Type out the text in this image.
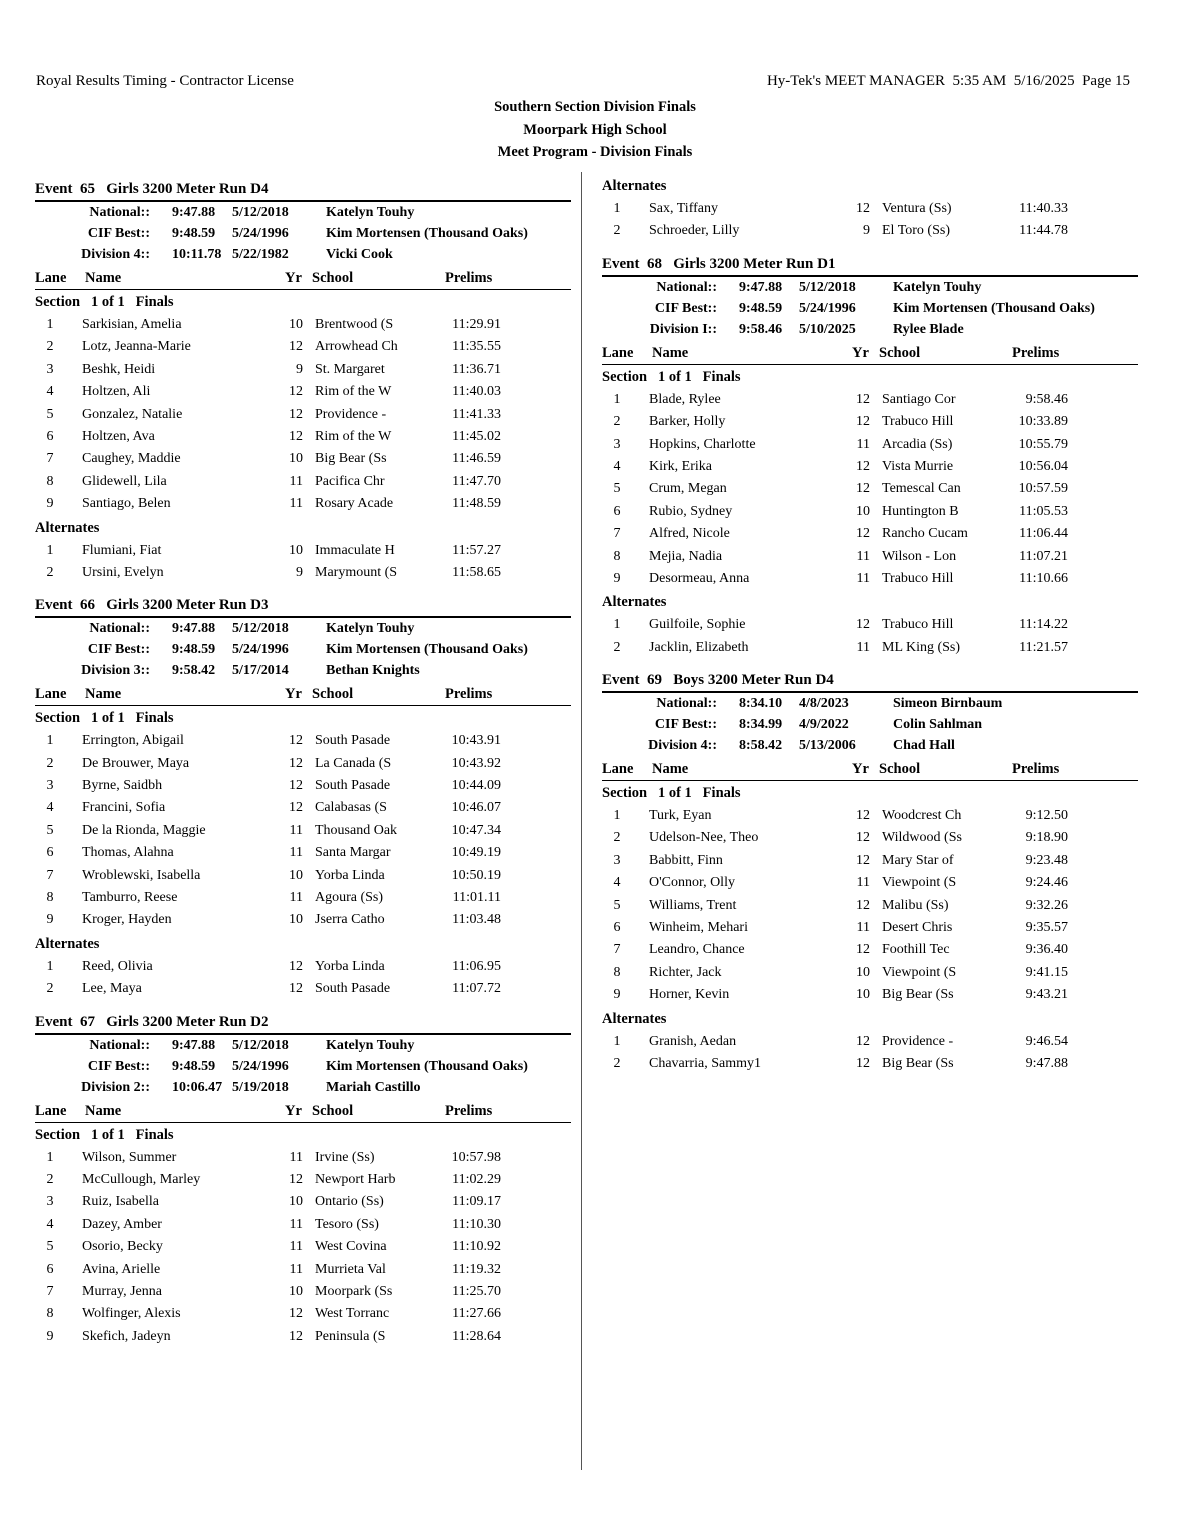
Royal Results Timing - Contractor License	Hy-Tek's MEET MANAGER  5:35 AM  5/16/2025  Page 15
Southern Section Division Finals
Moorpark High School
Meet Program - Division Finals
Event  65   Girls 3200 Meter Run D4
National:: 9:47.88 5/12/2018	Katelyn Touhy
CIF Best:: 9:48.59 5/24/1996	Kim Mortensen (Thousand Oaks)
Division 4:: 10:11.78 5/22/1982	Vicki Cook
Lane Name	Yr School	Prelims
Section   1 of 1   Finals
1	Sarkisian, Amelia	10 Brentwood (S	11:29.91
2	Lotz, Jeanna-Marie	12 Arrowhead Ch	11:35.55
3	Beshk, Heidi	9 St. Margaret	11:36.71
4	Holtzen, Ali	12 Rim of the W	11:40.03
5	Gonzalez, Natalie	12 Providence -	11:41.33
6	Holtzen, Ava	12 Rim of the W	11:45.02
7	Caughey, Maddie	10 Big Bear (Ss	11:46.59
8	Glidewell, Lila	11 Pacifica Chr	11:47.70
9	Santiago, Belen	11 Rosary Acade	11:48.59
Alternates
1	Flumiani, Fiat	10 Immaculate H	11:57.27
2	Ursini, Evelyn	9 Marymount (S	11:58.65
Event  66   Girls 3200 Meter Run D3
National:: 9:47.88 5/12/2018	Katelyn Touhy
CIF Best:: 9:48.59 5/24/1996	Kim Mortensen (Thousand Oaks)
Division 3:: 9:58.42 5/17/2014	Bethan Knights
Lane Name	Yr School	Prelims
Section   1 of 1   Finals
1	Errington, Abigail	12 South Pasade	10:43.91
2	De Brouwer, Maya	12 La Canada (S	10:43.92
3	Byrne, Saidbh	12 South Pasade	10:44.09
4	Francini, Sofia	12 Calabasas (S	10:46.07
5	De la Rionda, Maggie	11 Thousand Oak	10:47.34
6	Thomas, Alahna	11 Santa Margar	10:49.19
7	Wroblewski, Isabella	10 Yorba Linda	10:50.19
8	Tamburro, Reese	11 Agoura (Ss)	11:01.11
9	Kroger, Hayden	10 Jserra Catho	11:03.48
Alternates
1	Reed, Olivia	12 Yorba Linda	11:06.95
2	Lee, Maya	12 South Pasade	11:07.72
Event  67   Girls 3200 Meter Run D2
National:: 9:47.88 5/12/2018	Katelyn Touhy
CIF Best:: 9:48.59 5/24/1996	Kim Mortensen (Thousand Oaks)
Division 2:: 10:06.47 5/19/2018	Mariah Castillo
Lane Name	Yr School	Prelims
Section   1 of 1   Finals
1	Wilson, Summer	11 Irvine (Ss)	10:57.98
2	McCullough, Marley	12 Newport Harb	11:02.29
3	Ruiz, Isabella	10 Ontario (Ss)	11:09.17
4	Dazey, Amber	11 Tesoro (Ss)	11:10.30
5	Osorio, Becky	11 West Covina	11:10.92
6	Avina, Arielle	11 Murrieta Val	11:19.32
7	Murray, Jenna	10 Moorpark (Ss	11:25.70
8	Wolfinger, Alexis	12 West Torranc	11:27.66
9	Skefich, Jadeyn	12 Peninsula (S	11:28.64
Alternates
1	Sax, Tiffany	12 Ventura (Ss)	11:40.33
2	Schroeder, Lilly	9 El Toro (Ss)	11:44.78
Event  68   Girls 3200 Meter Run D1
National:: 9:47.88 5/12/2018	Katelyn Touhy
CIF Best:: 9:48.59 5/24/1996	Kim Mortensen (Thousand Oaks)
Division I:: 9:58.46 5/10/2025	Rylee Blade
Lane Name	Yr School	Prelims
Section   1 of 1   Finals
1	Blade, Rylee	12 Santiago Cor	9:58.46
2	Barker, Holly	12 Trabuco Hill	10:33.89
3	Hopkins, Charlotte	11 Arcadia (Ss)	10:55.79
4	Kirk, Erika	12 Vista Murrie	10:56.04
5	Crum, Megan	12 Temescal Can	10:57.59
6	Rubio, Sydney	10 Huntington B	11:05.53
7	Alfred, Nicole	12 Rancho Cucam	11:06.44
8	Mejia, Nadia	11 Wilson - Lon	11:07.21
9	Desormeau, Anna	11 Trabuco Hill	11:10.66
Alternates
1	Guilfoile, Sophie	12 Trabuco Hill	11:14.22
2	Jacklin, Elizabeth	11 ML King (Ss)	11:21.57
Event  69   Boys 3200 Meter Run D4
National:: 8:34.10 4/8/2023	Simeon Birnbaum
CIF Best:: 8:34.99 4/9/2022	Colin Sahlman
Division 4:: 8:58.42 5/13/2006	Chad Hall
Lane Name	Yr School	Prelims
Section   1 of 1   Finals
1	Turk, Eyan	12 Woodcrest Ch	9:12.50
2	Udelson-Nee, Theo	12 Wildwood (Ss	9:18.90
3	Babbitt, Finn	12 Mary Star of	9:23.48
4	O'Connor, Olly	11 Viewpoint (S	9:24.46
5	Williams, Trent	12 Malibu (Ss)	9:32.26
6	Winheim, Mehari	11 Desert Chris	9:35.57
7	Leandro, Chance	12 Foothill Tec	9:36.40
8	Richter, Jack	10 Viewpoint (S	9:41.15
9	Horner, Kevin	10 Big Bear (Ss	9:43.21
Alternates
1	Granish, Aedan	12 Providence -	9:46.54
2	Chavarria, Sammy1	12 Big Bear (Ss	9:47.88
